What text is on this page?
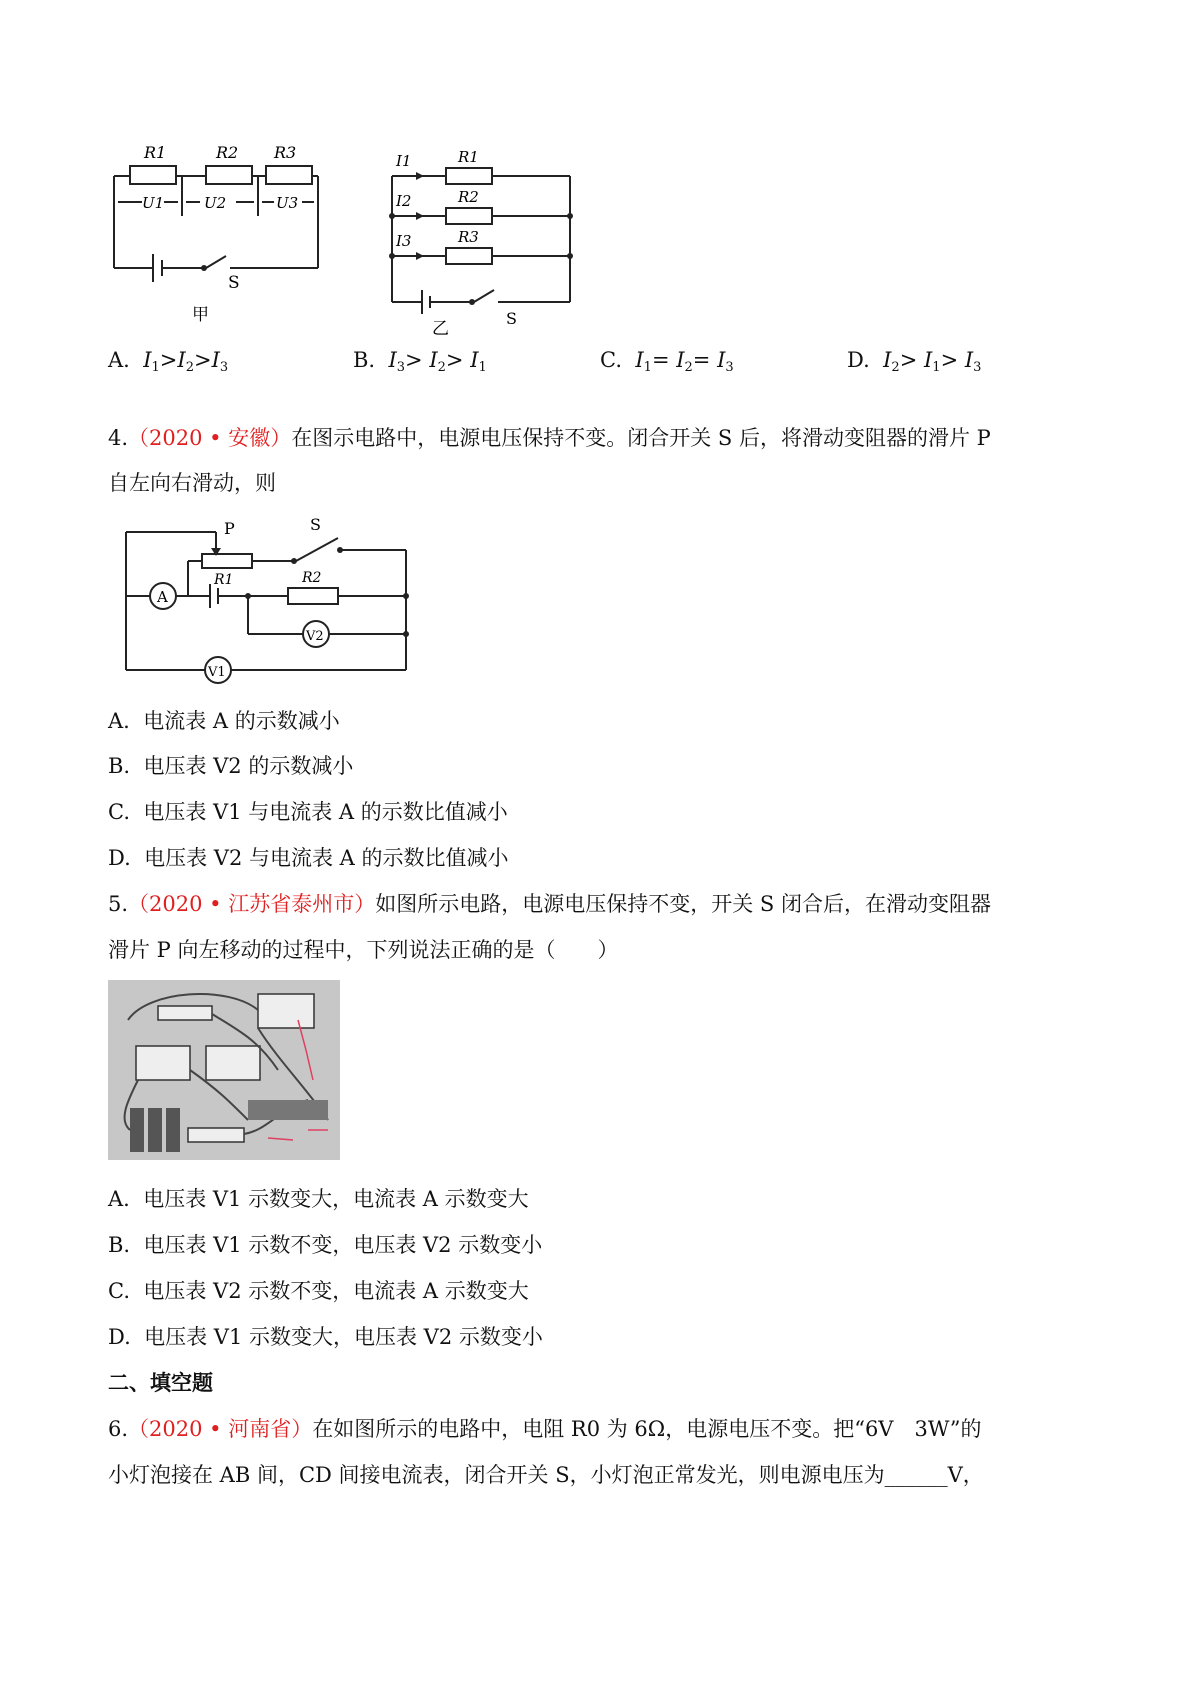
R1	R2 R3
U1	U2	U3
S
甲
I1
I2
I3
R1
R2
R3
S
乙
A. $I_1>I_2>I_3$	B. $I_3> I_2> I_1$	C. $I_1= I_2= I_3$	D. $I_2> I_1> I_3$
4.（2020 • 安徽）在图示电路中，电源电压保持不变。闭合开关 S 后，将滑动变阻器的滑片 P
自左向右滑动，则
P	S
R1	R2
A
V2
V1
A. 电流表 A 的示数减小
B. 电压表 V2 的示数减小
C. 电压表 V1 与电流表 A 的示数比值减小
D. 电压表 V2 与电流表 A 的示数比值减小
5.（2020 • 江苏省泰州市）如图所示电路，电源电压保持不变，开关 S 闭合后，在滑动变阻器
滑片 P 向左移动的过程中，下列说法正确的是（　　）
A. 电压表 V1 示数变大，电流表 A 示数变大
B. 电压表 V1 示数不变，电压表 V2 示数变小
C. 电压表 V2 示数不变，电流表 A 示数变大
D. 电压表 V1 示数变大，电压表 V2 示数变小
二、填空题
6.（2020 • 河南省）在如图所示的电路中，电阻 R0 为 6Ω，电源电压不变。把“6V　3W”的
小灯泡接在 AB 间，CD 间接电流表，闭合开关 S，小灯泡正常发光，则电源电压为______V，
